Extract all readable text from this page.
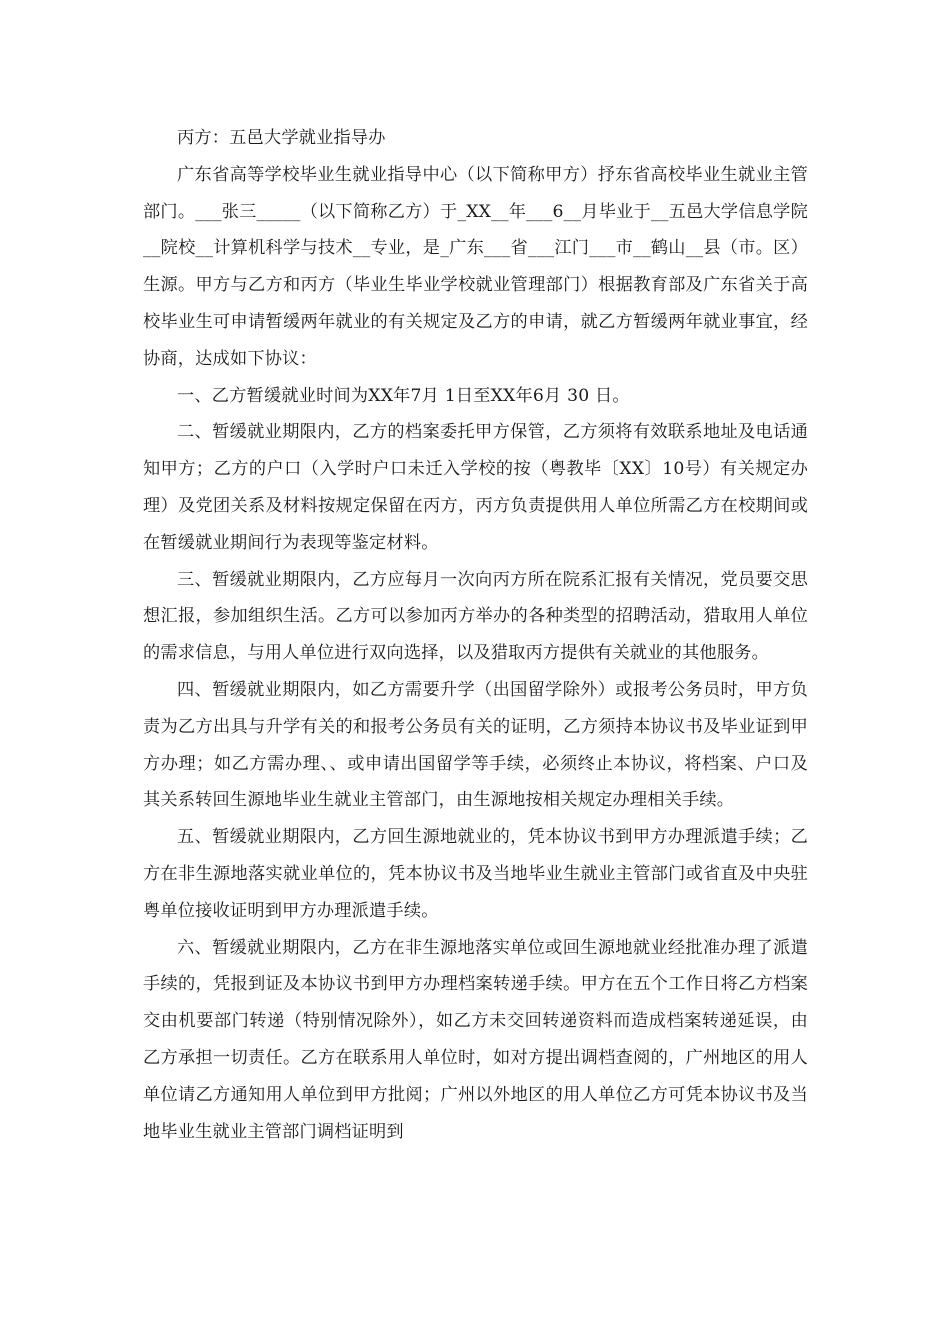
丙方：五邑大学就业指导办

广东省高等学校毕业生就业指导中心（以下简称甲方）抒东省高校毕业生就业主管部门。___张三_____（以下简称乙方）于_XX__年___6__月毕业于__五邑大学信息学院__院校__计算机科学与技术__专业，是_广东___省___江门___市__鹤山__县（市。区）生源。甲方与乙方和丙方（毕业生毕业学校就业管理部门）根据教育部及广东省关于高校毕业生可申请暂缓两年就业的有关规定及乙方的申请，就乙方暂缓两年就业事宜，经协商，达成如下协议：

一、乙方暂缓就业时间为XX年7月 1日至XX年6月 30 日。

二、暂缓就业期限内，乙方的档案委托甲方保管，乙方须将有效联系地址及电话通知甲方；乙方的户口（入学时户口未迁入学校的按（粤教毕〔XX〕10号）有关规定办理）及党团关系及材料按规定保留在丙方，丙方负责提供用人单位所需乙方在校期间或在暂缓就业期间行为表现等鉴定材料。

三、暂缓就业期限内，乙方应每月一次向丙方所在院系汇报有关情况，党员要交思想汇报，参加组织生活。乙方可以参加丙方举办的各种类型的招聘活动，猎取用人单位的需求信息，与用人单位进行双向选择，以及猎取丙方提供有关就业的其他服务。

四、暂缓就业期限内，如乙方需要升学（出国留学除外）或报考公务员时，甲方负责为乙方出具与升学有关的和报考公务员有关的证明，乙方须持本协议书及毕业证到甲方办理；如乙方需办理、、或申请出国留学等手续，必须终止本协议，将档案、户口及其关系转回生源地毕业生就业主管部门，由生源地按相关规定办理相关手续。

五、暂缓就业期限内，乙方回生源地就业的，凭本协议书到甲方办理派遣手续；乙方在非生源地落实就业单位的，凭本协议书及当地毕业生就业主管部门或省直及中央驻粤单位接收证明到甲方办理派遣手续。

六、暂缓就业期限内，乙方在非生源地落实单位或回生源地就业经批准办理了派遣手续的，凭报到证及本协议书到甲方办理档案转递手续。甲方在五个工作日将乙方档案交由机要部门转递（特别情况除外），如乙方未交回转递资料而造成档案转递延误，由乙方承担一切责任。乙方在联系用人单位时，如对方提出调档查阅的，广州地区的用人单位请乙方通知用人单位到甲方批阅；广州以外地区的用人单位乙方可凭本协议书及当地毕业生就业主管部门调档证明到
